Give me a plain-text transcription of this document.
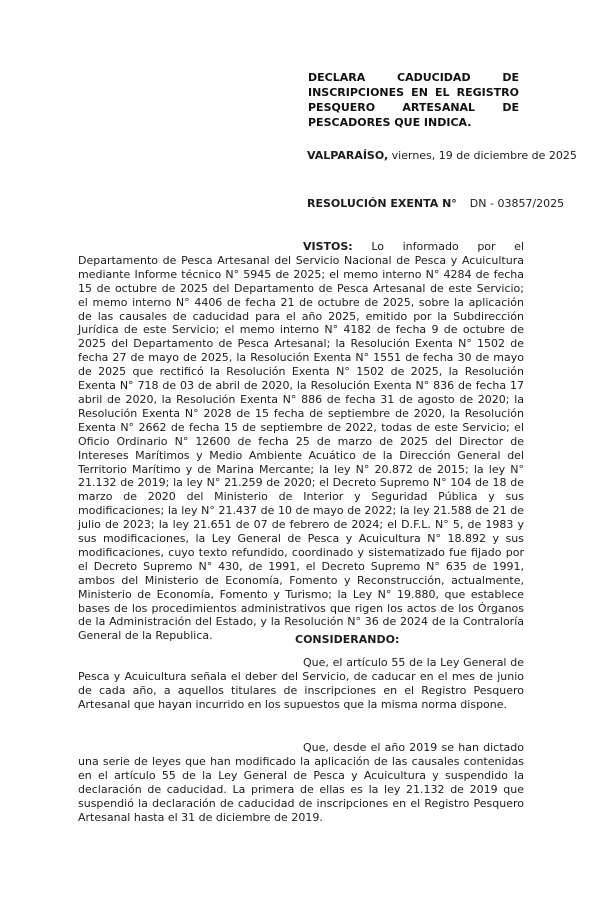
DECLARA CADUCIDAD DE INSCRIPCIONES EN EL REGISTRO PESQUERO ARTESANAL DE PESCADORES QUE INDICA.
VALPARAÍSO, viernes, 19 de diciembre de 2025
RESOLUCIÓN EXENTA N° DN - 03857/2025

VISTOS: Lo informado por el Departamento de Pesca Artesanal del Servicio Nacional de Pesca y Acuicultura mediante Informe técnico N° 5945 de 2025; el memo interno N° 4284 de fecha 15 de octubre de 2025 del Departamento de Pesca Artesanal de este Servicio; el memo interno N° 4406 de fecha 21 de octubre de 2025, sobre la aplicación de las causales de caducidad para el año 2025, emitido por la Subdirección Jurídica de este Servicio; el memo interno N° 4182 de fecha 9 de octubre de 2025 del Departamento de Pesca Artesanal; la Resolución Exenta N° 1502 de fecha 27 de mayo de 2025, la Resolución Exenta N° 1551 de fecha 30 de mayo de 2025 que rectificó la Resolución Exenta N° 1502 de 2025, la Resolución Exenta N° 718 de 03 de abril de 2020, la Resolución Exenta N° 836 de fecha 17 abril de 2020, la Resolución Exenta N° 886 de fecha 31 de agosto de 2020; la Resolución Exenta N° 2028 de 15 fecha de septiembre de 2020, la Resolución Exenta N° 2662 de fecha 15 de septiembre de 2022, todas de este Servicio; el Oficio Ordinario N° 12600 de fecha 25 de marzo de 2025 del Director de Intereses Marítimos y Medio Ambiente Acuático de la Dirección General del Territorio Marítimo y de Marina Mercante; la ley N° 20.872 de 2015; la ley N° 21.132 de 2019; la ley N° 21.259 de 2020; el Decreto Supremo N° 104 de 18 de marzo de 2020 del Ministerio de Interior y Seguridad Pública y sus modificaciones; la ley N° 21.437 de 10 de mayo de 2022; la ley 21.588 de 21 de julio de 2023; la ley 21.651 de 07 de febrero de 2024; el D.F.L. N° 5, de 1983 y sus modificaciones, la Ley General de Pesca y Acuicultura N° 18.892 y sus modificaciones, cuyo texto refundido, coordinado y sistematizado fue fijado por el Decreto Supremo N° 430, de 1991, el Decreto Supremo N° 635 de 1991, ambos del Ministerio de Economía, Fomento y Reconstrucción, actualmente, Ministerio de Economía, Fomento y Turismo; la Ley N° 19.880, que establece bases de los procedimientos administrativos que rigen los actos de los Órganos de la Administración del Estado, y la Resolución N° 36 de 2024 de la Contraloría General de la Republica.	CONSIDERANDO:

Que, el artículo 55 de la Ley General de Pesca y Acuicultura señala el deber del Servicio, de caducar en el mes de junio de cada año, a aquellos titulares de inscripciones en el Registro Pesquero Artesanal que hayan incurrido en los supuestos que la misma norma dispone.

Que, desde el año 2019 se han dictado una serie de leyes que han modificado la aplicación de las causales contenidas en el artículo 55 de la Ley General de Pesca y Acuicultura y suspendido la declaración de caducidad. La primera de ellas es la ley 21.132 de 2019 que suspendió la declaración de caducidad de inscripciones en el Registro Pesquero Artesanal hasta el 31 de diciembre de 2019.
